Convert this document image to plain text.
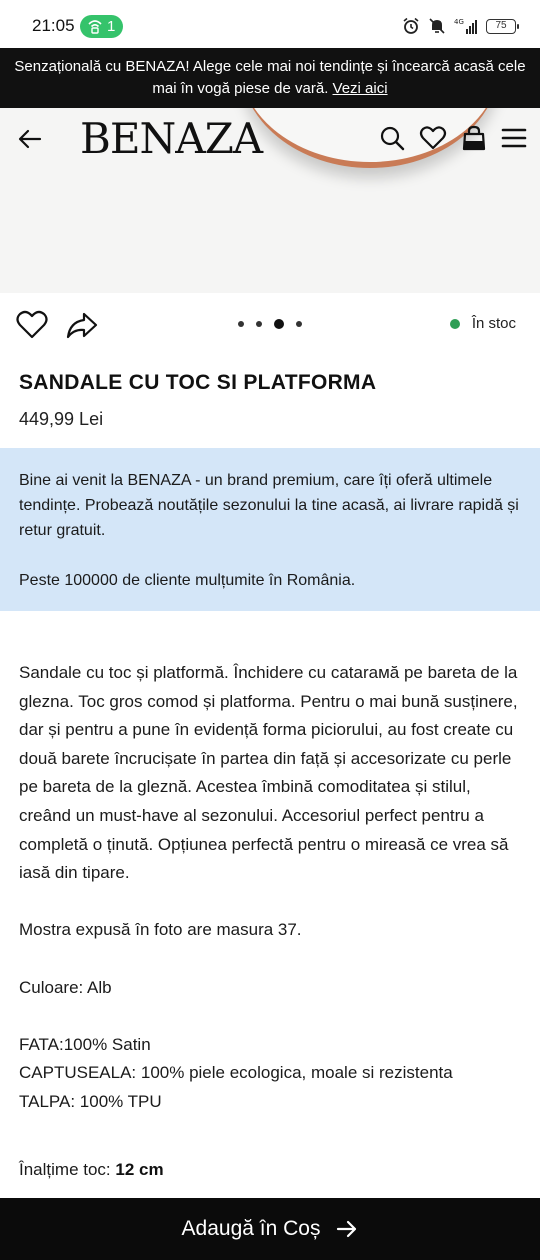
21:05 1	4G	75
Senzațională cu BENAZA! Alege cele mai noi tendințe și încearcă acasă cele mai în vogă piese de vară. Vezi aici
BENAZA
În stoc
SANDALE CU TOC SI PLATFORMA
449,99 Lei

Bine ai venit la BENAZA - un brand premium, care îți oferă ultimele tendințe. Probează noutățile sezonului la tine acasă, ai livrare rapidă și retur gratuit.

Peste 100000 de cliente mulțumite în România.

Sandale cu toc și platformă. Închidere cu catarамă pe bareta de la glezna. Toc gros comod și platforma. Pentru o mai bună susținere, dar și pentru a pune în evidență forma piciorului, au fost create cu două barete încrucișate în partea din față și accesorizate cu perle pe bareta de la gleznă. Acestea îmbină comoditatea și stilul, creând un must-have al sezonului. Accesoriul perfect pentru a completă o ținută. Opțiunea perfectă pentru o mireasă ce vrea să iasă din tipare.
Mostra expusă în foto are masura 37.
Culoare: Alb
FATA:100% Satin
CAPTUSEALA: 100% piele ecologica, moale si rezistenta
TALPA: 100% TPU
Înalțime toc: 12 cm
Adaugă în Coș
